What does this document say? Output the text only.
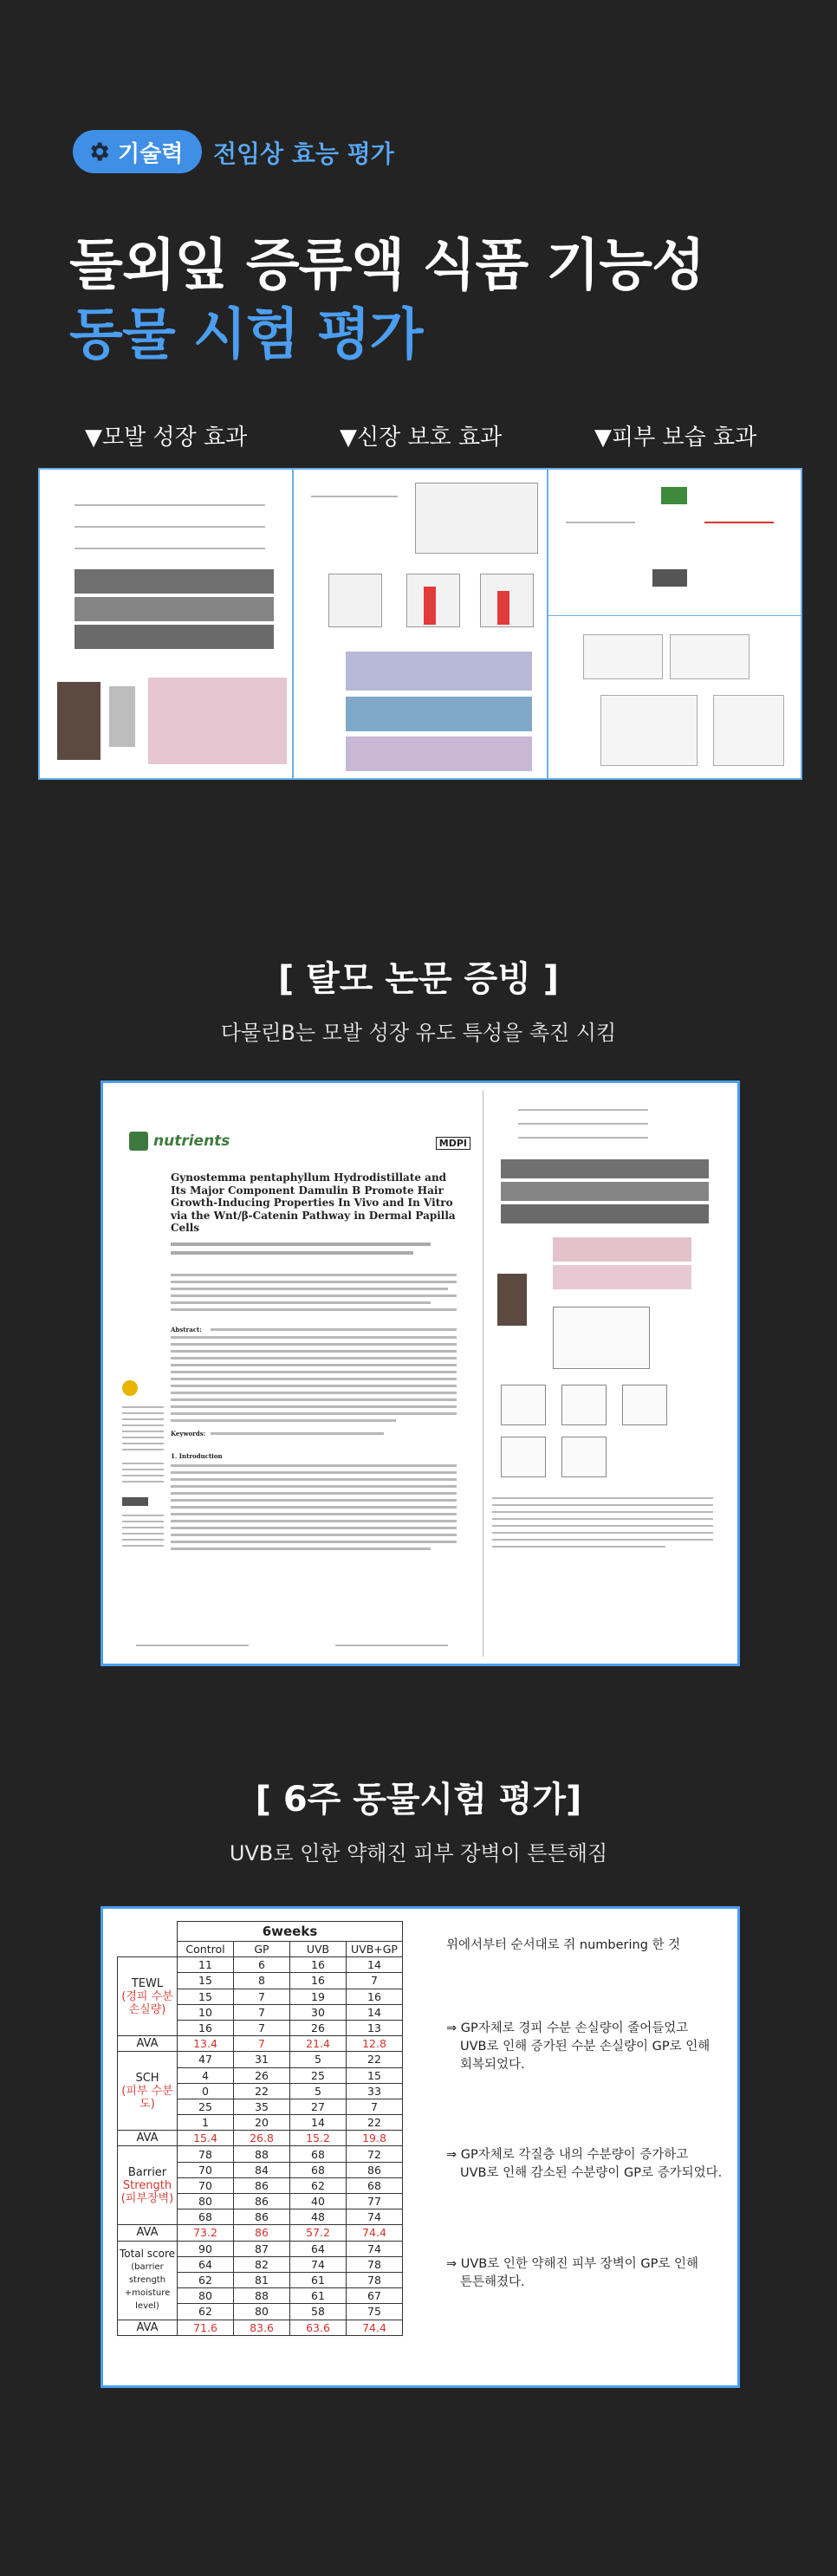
기술력 전임상 효능 평가
돌외잎 증류액 식품 기능성
동물 시험 평가
▼모발 성장 효과	▼신장 보호 효과	▼피부 보습 효과
[ 탈모 논문 증빙 ]
다물린B는 모발 성장 유도 특성을 촉진 시킴
nutrients	MDPI
Gynostemma pentaphyllum Hydrodistillate and Its Major Component Damulin B Promote Hair Growth-Inducing Properties In Vivo and In Vitro via the Wnt/β-Catenin Pathway in Dermal Papilla Cells
Abstract:
Keywords:
1. Introduction
[ 6주 동물시험 평가]
UVB로 인한 약해진 피부 장벽이 튼튼해짐
	6weeks			
	Control	GP	UVB	UVB+GP

TEWL
(경피 수분
손실량)	11	6	16	14
	15	8	16	7
	15	7	19	16
	10	7	30	14
	16	7	26	13
AVA	13.4	7	21.4	12.8

SCH
(피부 수분도)	47	31	5	22
	4	26	25	15
	0	22	5	33
	25	35	27	7
	1	20	14	22
AVA	15.4	26.8	15.2	19.8

Barrier
Strength
(피부장벽)	78	88	68	72
	70	84	68	86
	70	86	62	68
	80	86	40	77
	68	86	48	74
AVA	73.2	86	57.2	74.4

Total score
(barrier strength
+moisture level)	90	87	64	74
	64	82	74	78
	62	81	61	78
	80	88	61	67
	62	80	58	75
AVA	71.6	83.6	63.6	74.4
위에서부터 순서대로 쥐 numbering 한 것
⇒ GP자체로 경피 수분 손실량이 줄어들었고
UVB로 인해 증가된 수분 손실량이 GP로 인해
회복되었다.
⇒ GP자체로 각질층 내의 수분량이 증가하고
UVB로 인해 감소된 수분량이 GP로 증가되었다.
⇒ UVB로 인한 약해진 피부 장벽이 GP로 인해
튼튼해졌다.
